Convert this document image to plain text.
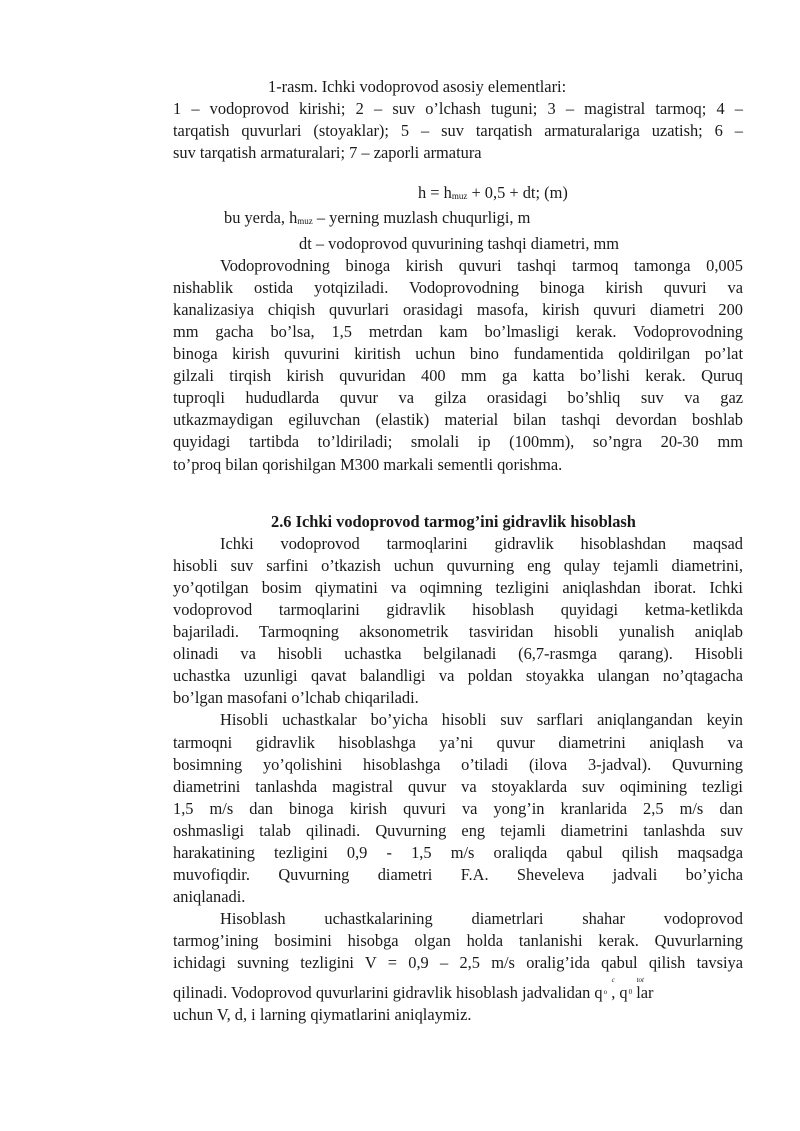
1-rasm. Ichki vodoprovod asosiy elementlari:
1 – vodoprovod kirishi; 2 – suv o’lchash tuguni; 3 – magistral tarmoq; 4 –
tarqatish quvurlari (stoyaklar); 5 – suv tarqatish armaturalariga uzatish; 6 –
suv tarqatish armaturalari; 7 – zaporli armatura
h = hmuz + 0,5 + dt; (m)
bu yerda, hmuz – yerning muzlash chuqurligi, m
dt – vodoprovod quvurining tashqi diametri, mm
Vodoprovodning binoga kirish quvuri tashqi tarmoq tamonga 0,005
nishablik ostida yotqiziladi. Vodoprovodning binoga kirish quvuri va
kanalizasiya chiqish quvurlari orasidagi masofa, kirish quvuri diametri 200
mm gacha bo’lsa, 1,5 metrdan kam bo’lmasligi kerak. Vodoprovodning
binoga kirish quvurini kiritish uchun bino fundamentida qoldirilgan po’lat
gilzali tirqish kirish quvuridan 400 mm ga katta bo’lishi kerak. Quruq
tuproqli hududlarda quvur va gilza orasidagi bo’shliq suv va gaz
utkazmaydigan egiluvchan (elastik) material bilan tashqi devordan boshlab
quyidagi tartibda to’ldiriladi; smolali ip (100mm), so’ngra 20-30 mm
to’proq bilan qorishilgan M300 markali sementli qorishma.
2.6 Ichki vodoprovod tarmog’ini gidravlik hisoblash
Ichki vodoprovod tarmoqlarini gidravlik hisoblashdan maqsad
hisobli suv sarfini o’tkazish uchun quvurning eng qulay tejamli diametrini,
yo’qotilgan bosim qiymatini va oqimning tezligini aniqlashdan iborat. Ichki
vodoprovod tarmoqlarini gidravlik hisoblash quyidagi ketma-ketlikda
bajariladi. Tarmoqning aksonometrik tasviridan hisobli yunalish aniqlab
olinadi va hisobli uchastka belgilanadi (6,7-rasmga qarang). Hisobli
uchastka uzunligi qavat balandligi va poldan stoyakka ulangan no’qtagacha
bo’lgan masofani o’lchab chiqariladi.
Hisobli uchastkalar bo’yicha hisobli suv sarflari aniqlangandan keyin
tarmoqni gidravlik hisoblashga ya’ni quvur diametrini aniqlash va
bosimning yo’qolishini hisoblashga o’tiladi (ilova 3-jadval). Quvurning
diametrini tanlashda magistral quvur va stoyaklarda suv oqimining tezligi
1,5 m/s dan binoga kirish quvuri va yong’in kranlarida 2,5 m/s dan
oshmasligi talab qilinadi. Quvurning eng tejamli diametrini tanlashda suv
harakatining tezligini 0,9 - 1,5 m/s oraliqda qabul qilish maqsadga
muvofiqdir. Quvurning diametri F.A. Sheveleva jadvali bo’yicha
aniqlanadi.
Hisoblash uchastkalarining diametrlari shahar vodoprovod
tarmog’ining bosimini hisobga olgan holda tanlanishi kerak. Quvurlarning
ichidagi suvning tezligini V = 0,9 – 2,5 m/s oralig’ida qabul qilish tavsiya
qilinadi. Vodoprovod quvurlarini gidravlik hisoblash jadvalidan q
c
$^o$ , q
tot
$^0$ lar
uchun V, d, i larning qiymatlarini aniqlaymiz.
